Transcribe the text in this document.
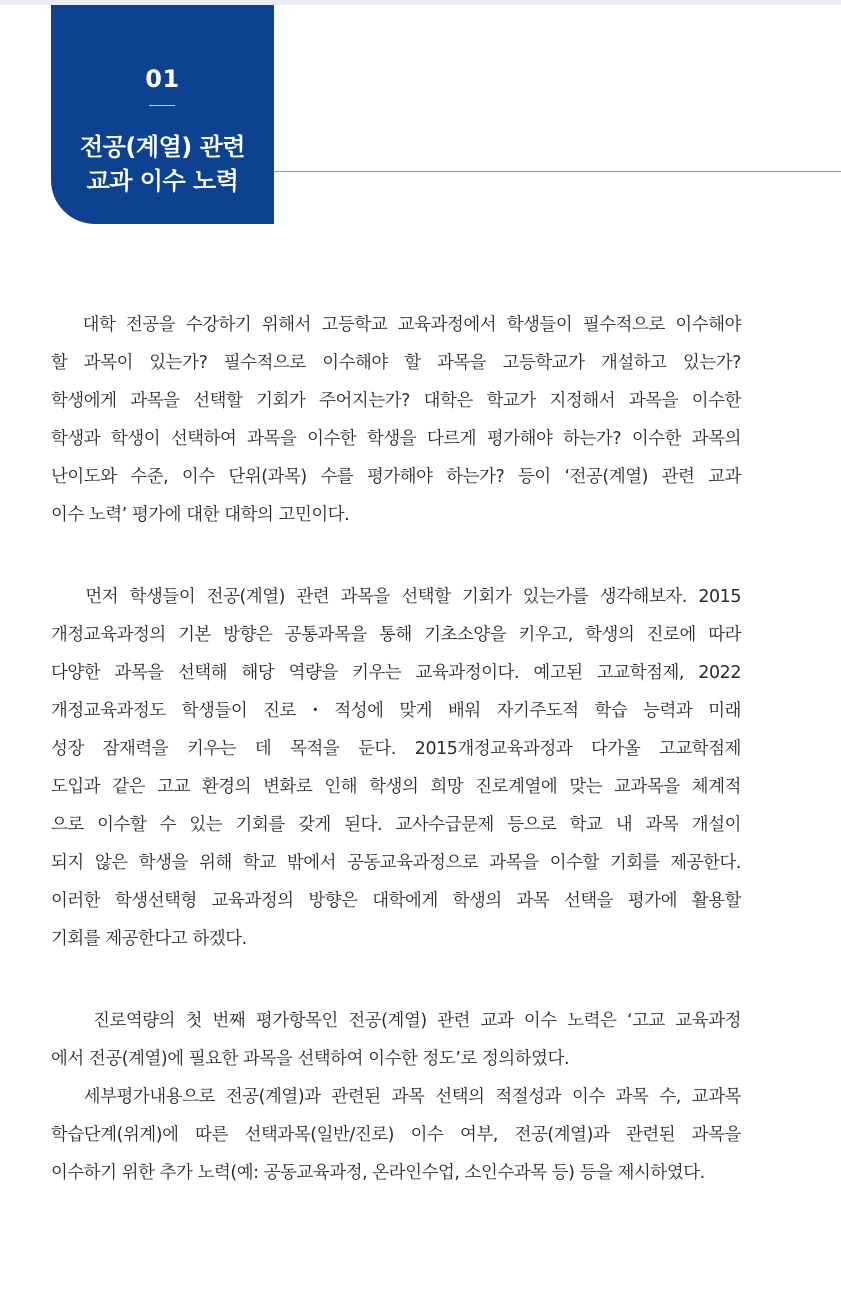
01
전공(계열) 관련
교과 이수 노력

대학 전공을 수강하기 위해서 고등학교 교육과정에서 학생들이 필수적으로 이수해야

할 과목이 있는가? 필수적으로 이수해야 할 과목을 고등학교가 개설하고 있는가?

학생에게 과목을 선택할 기회가 주어지는가? 대학은 학교가 지정해서 과목을 이수한

학생과 학생이 선택하여 과목을 이수한 학생을 다르게 평가해야 하는가? 이수한 과목의

난이도와 수준, 이수 단위(과목) 수를 평가해야 하는가? 등이 ‘전공(계열) 관련 교과

이수 노력’ 평가에 대한 대학의 고민이다.

먼저 학생들이 전공(계열) 관련 과목을 선택할 기회가 있는가를 생각해보자. 2015

개정교육과정의 기본 방향은 공통과목을 통해 기초소양을 키우고, 학생의 진로에 따라

다양한 과목을 선택해 해당 역량을 키우는 교육과정이다. 예고된 고교학점제, 2022

개정교육과정도 학생들이 진로・적성에 맞게 배워 자기주도적 학습 능력과 미래

성장 잠재력을 키우는 데 목적을 둔다. 2015개정교육과정과 다가올 고교학점제

도입과 같은 고교 환경의 변화로 인해 학생의 희망 진로계열에 맞는 교과목을 체계적

으로 이수할 수 있는 기회를 갖게 된다. 교사수급문제 등으로 학교 내 과목 개설이

되지 않은 학생을 위해 학교 밖에서 공동교육과정으로 과목을 이수할 기회를 제공한다.

이러한 학생선택형 교육과정의 방향은 대학에게 학생의 과목 선택을 평가에 활용할

기회를 제공한다고 하겠다.

진로역량의 첫 번째 평가항목인 전공(계열) 관련 교과 이수 노력은 ‘고교 교육과정

에서 전공(계열)에 필요한 과목을 선택하여 이수한 정도’로 정의하였다.

세부평가내용으로 전공(계열)과 관련된 과목 선택의 적절성과 이수 과목 수, 교과목

학습단계(위계)에 따른 선택과목(일반/진로) 이수 여부, 전공(계열)과 관련된 과목을

이수하기 위한 추가 노력(예: 공동교육과정, 온라인수업, 소인수과목 등) 등을 제시하였다.
